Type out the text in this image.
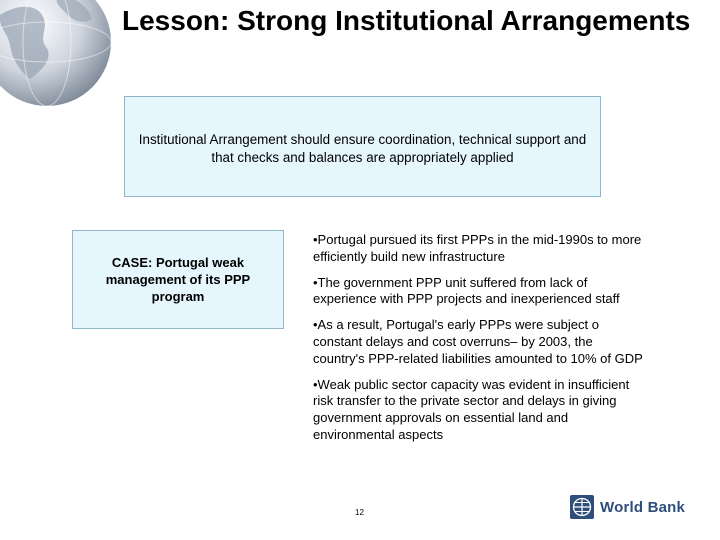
Lesson: Strong Institutional Arrangements
Institutional Arrangement should ensure coordination, technical support and that checks and balances are appropriately applied
CASE: Portugal weak management of its PPP program
•Portugal pursued its first PPPs in the mid-1990s to more efficiently build new infrastructure
•The government PPP unit suffered from lack of experience with PPP projects and inexperienced staff
•As a result, Portugal's early PPPs were subject o constant delays and cost overruns– by 2003, the country's PPP-related liabilities amounted to 10% of GDP
•Weak public sector capacity was evident in insufficient risk transfer to the private sector and delays in giving government approvals on essential land and environmental aspects
12	World Bank
